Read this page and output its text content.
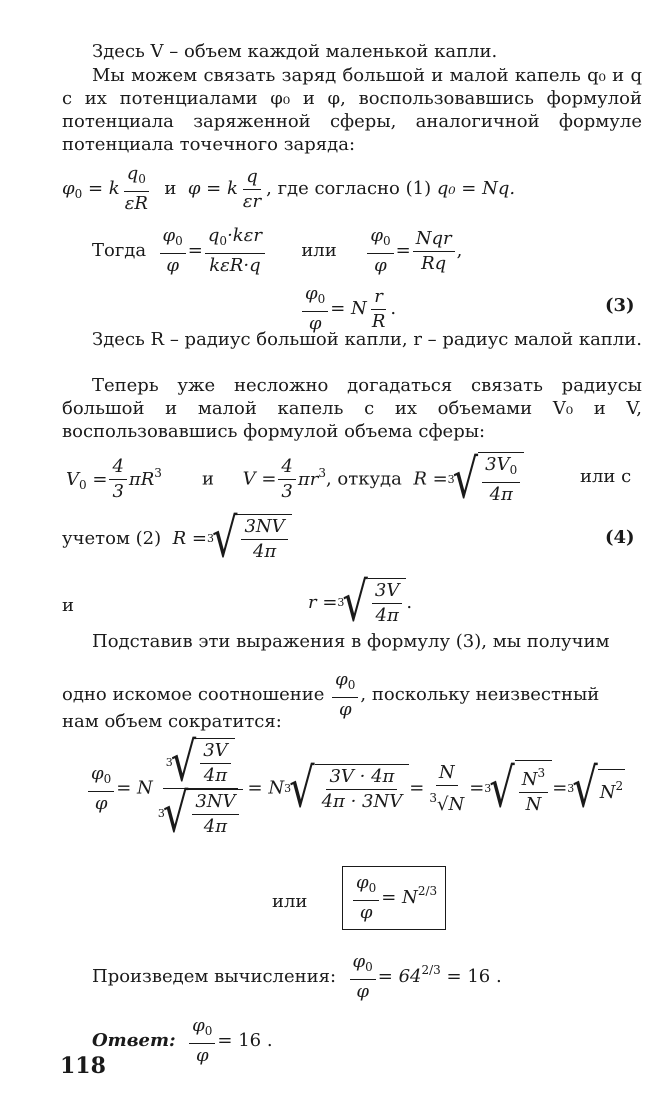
Здесь V – объем каждой маленькой капли.
Мы можем связать заряд большой и малой капель q₀ и q с их потенциалами φ₀ и φ, воспользовавшись формулой потенциала заряженной сферы, аналогичной формуле потенциала точечного заряда:
$\varphi_0 = k \frac{q_0}{\varepsilon R}$ и φ = k $\frac{q}{\varepsilon r}$ , где согласно (1) q₀ = Nq.
Тогда $\frac{\varphi_0}{\varphi} = \frac{q_0\cdot k\varepsilon r}{\text{kεR·q}}$ или $\frac{\varphi_0}{\varphi} = \frac{\text{Nqr}}{Rq}$ ,
$\frac{\varphi_0}{\varphi} = N \frac{r}{R}$ .	(3)
Здесь R – радиус большой капли, r – радиус малой капли.
Теперь уже несложно догадаться связать радиусы большой и малой капель с их объемами V₀ и V, воспользовавшись формулой объема сферы:
$V_0 = \frac{4}{3} \pi R^3$ и $V = \frac{4}{3} \pi r^3$, откуда R = 3
√ $\frac{3V_0}{4\pi}$	или с
учетом (2) R = 3
√ $\frac{3NV}{4\pi}$	(4)
и	r = 3
√ $\frac{3V}{4\pi}$ .
Подставив эти выражения в формулу (3), мы получим
одно искомое соотношение $\frac{\varphi_0}{\varphi}$ , поскольку неизвестный
нам объем сократится:
$\frac{\varphi_0}{\varphi} = N$ 3
√ $\frac{3V}{4\pi}$
3
√ $\frac{3NV}{4\pi} = N$ 3
√ $\frac{3V \cdot 4\pi}{4\pi \cdot 3NV} = \frac{N}{^3√N} = 3$
√ $\frac{N^3}{N} = 3$
√ $N^2$
или	$\frac{\varphi_0}{\varphi} = N^{2/3}$
Произведем вычисления: $\frac{\varphi_0}{\varphi} = 64^{2/3} = 16$ .
Ответ: $\frac{\varphi_0}{\varphi} = 16$ .
118
